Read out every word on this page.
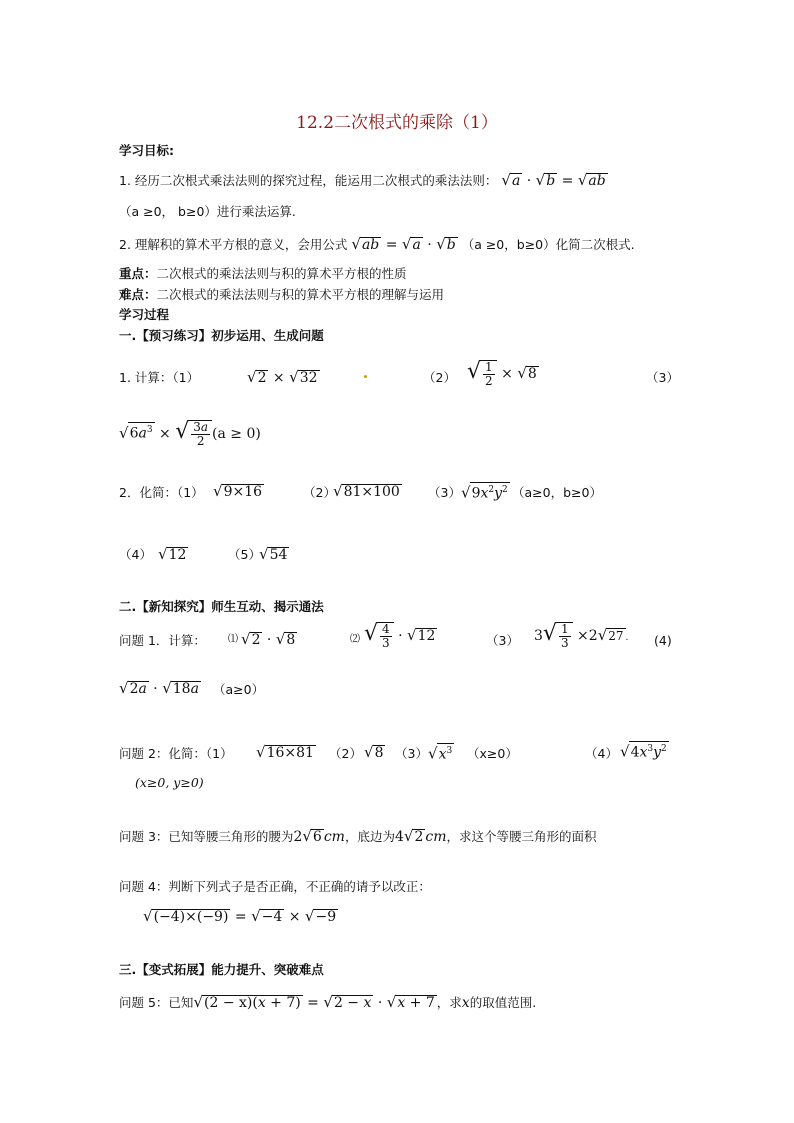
12.2二次根式的乘除（1）
学习目标:
1. 经历二次根式乘法法则的探究过程，能运用二次根式的乘法法则： √a · √b = √ab
（a ≥0， b≥0）进行乘法运算.
2. 理解积的算术平方根的意义，会用公式 √ab = √a · √b （a ≥0，b≥0）化简二次根式.
重点：二次根式的乘法法则与积的算术平方根的性质
难点：二次根式的乘法法则与积的算术平方根的理解与运用
学习过程
一.【预习练习】初步运用、生成问题
1. 计算：（1）	√2 × √32	（2） √ $\frac{1}{2} \times √8$	（3）
$√6a^3$ × √ $\frac{3a}{2} (a \ge 0)$
2．化简：（1） √9×16	（2）
√81×100 （3） $√9x^2y^2$ （a≥0，b≥0）
（4） √12	（5）
√54
二.【新知探究】师生互动、揭示通法
问题 1．计算： ⑴ √2 · √8	⑵ √ $\frac{4}{3} \cdot √12$	（3） $3√ \frac{1}{3} \times 2√27$ . (4)
√2a · √18a （a≥0）
问题 2：化简：（1） √16×81 （2） √8 （3） $√x^3$ （x≥0）	（4） $√4x^3y^2$
(x≥0, y≥0)
问题 3：已知等腰三角形的腰为2√6 cm，底边为4√2 cm，求这个等腰三角形的面积
问题 4：判断下列式子是否正确，不正确的请予以改正：
√(−4)×(−9) = √−4 × √−9
三.【变式拓展】能力提升、突破难点
问题 5：已知√(2 − x)(x + 7) = √2 − x · √x + 7 ，求x的取值范围.
